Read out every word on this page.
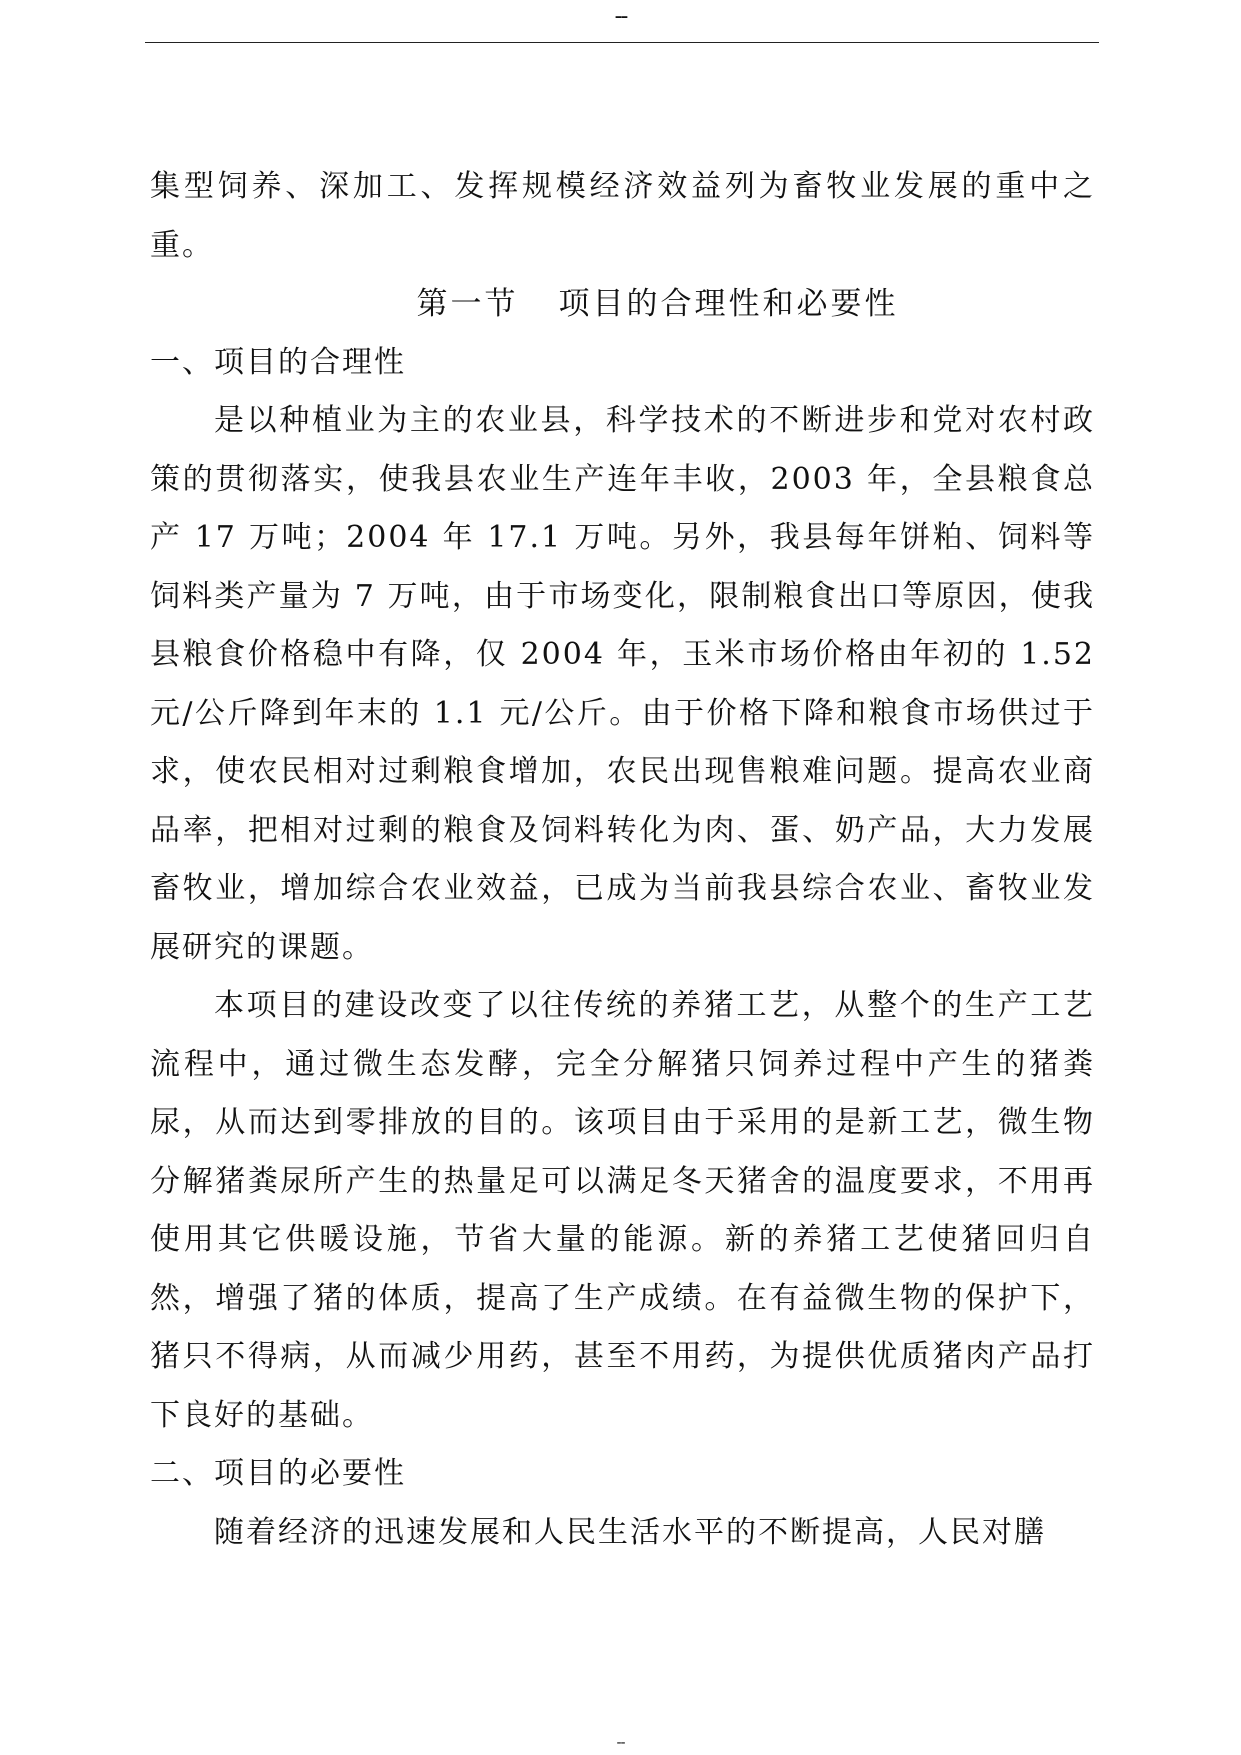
--

集型饲养、深加工、发挥规模经济效益列为畜牧业发展的重中之重。

第一节 项目的合理性和必要性

一、项目的合理性

是以种植业为主的农业县，科学技术的不断进步和党对农村政策的贯彻落实，使我县农业生产连年丰收，2003 年，全县粮食总产 17 万吨；2004 年 17.1 万吨。另外，我县每年饼粕、饲料等饲料类产量为 7 万吨，由于市场变化，限制粮食出口等原因，使我县粮食价格稳中有降，仅 2004 年，玉米市场价格由年初的 1.52 元/公斤降到年末的 1.1 元/公斤。由于价格下降和粮食市场供过于求，使农民相对过剩粮食增加，农民出现售粮难问题。提高农业商品率，把相对过剩的粮食及饲料转化为肉、蛋、奶产品，大力发展畜牧业，增加综合农业效益，已成为当前我县综合农业、畜牧业发展研究的课题。

本项目的建设改变了以往传统的养猪工艺，从整个的生产工艺流程中，通过微生态发酵，完全分解猪只饲养过程中产生的猪粪尿，从而达到零排放的目的。该项目由于采用的是新工艺，微生物分解猪粪尿所产生的热量足可以满足冬天猪舍的温度要求，不用再使用其它供暖设施，节省大量的能源。新的养猪工艺使猪回归自然，增强了猪的体质，提高了生产成绩。在有益微生物的保护下，猪只不得病，从而减少用药，甚至不用药，为提供优质猪肉产品打下良好的基础。

二、项目的必要性

随着经济的迅速发展和人民生活水平的不断提高，人民对膳

--
